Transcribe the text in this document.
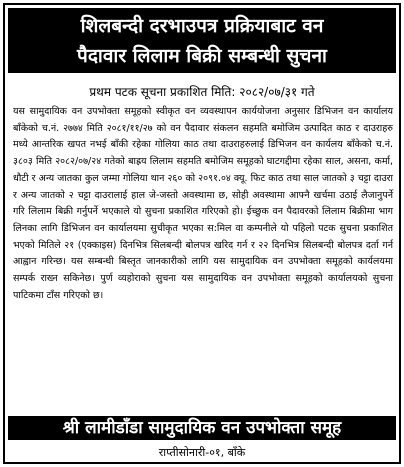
शिलबन्दी दरभाउपत्र प्रक्रियाबाट वन
पैदावार लिलाम बिक्री सम्बन्धी सुचना
प्रथम पटक सूचना प्रकाशित मिति: २०८२/०७/३१ गते

यस सामुदायिक वन उपभोक्ता समूहको स्वीकृत वन व्यवस्थापन कार्ययोजना अनुसार डिभिजन वन कार्यालय बाँकेको च.नं. २७७४ मिति २०८१/११/२७ को वन पैदावार संकलन सहमति बमोजिम उत्पादित काठ र दाउराहरु मध्ये आन्तरिक खपत नभई बाँकी रहेका गोलिया काठ तथा दाउराहरुलाई डिभिजन वन कार्यलय बाँकेको च.नं. ३८०३ मिति २०८२/०७/२४ गतेको बाह्रय लिलाम सहमति बमोजिम समूहको घाटगद्दीमा रहेका साल, असना, कर्मा, धौटी र अन्य जातका कुल जम्मा गोलिया थान २६० को २०९१.०४ क्यू. फिट काठ तथा साल जातको ३ चट्टा दाउरा र अन्य जातको २ चट्टा दाउरालाई हाल जे-जस्तो अवस्थामा छ, सोही अवस्थामा आफ्नै खर्चमा उठाई लैजानुपर्ने गरि लिलाम बिक्री गर्नुपर्ने भएकाले यो सुचना प्रकाशित गरिएको हो। ईच्छुक वन पैदावरको लिलाम बिक्रीमा भाग लिनका लागि डिभिजन वन कार्यालयमा सुचीकृत भएका स:मिल वा कम्पनीले यो पहिलो पटक सुचना प्रकाशित भएको मितिले २१ (एक्काइस) दिनभित्र सिलबन्दी बोलपत्र खरिद गर्न र २२ दिनभित्र सिलबन्दी बोलपत्र दर्ता गर्न आह्वान गरिन्छ। यस सम्बन्धी बिस्तृत जानकारीको लागि यस सामुदायिक वन उपभोक्ता समूहको कार्यलयमा सम्पर्क राख्न सकिनेछ। पुर्ण व्यहोराको सुचना यस सामुदायिक वन उपभोक्ता समूहको कार्यालयको सुचना पाटिकमा टाँस गरिएको छ।

श्री लामीडाँडा सामुदायिक वन उपभोक्ता समूह
राप्तीसोनारी-०१, बाँके
